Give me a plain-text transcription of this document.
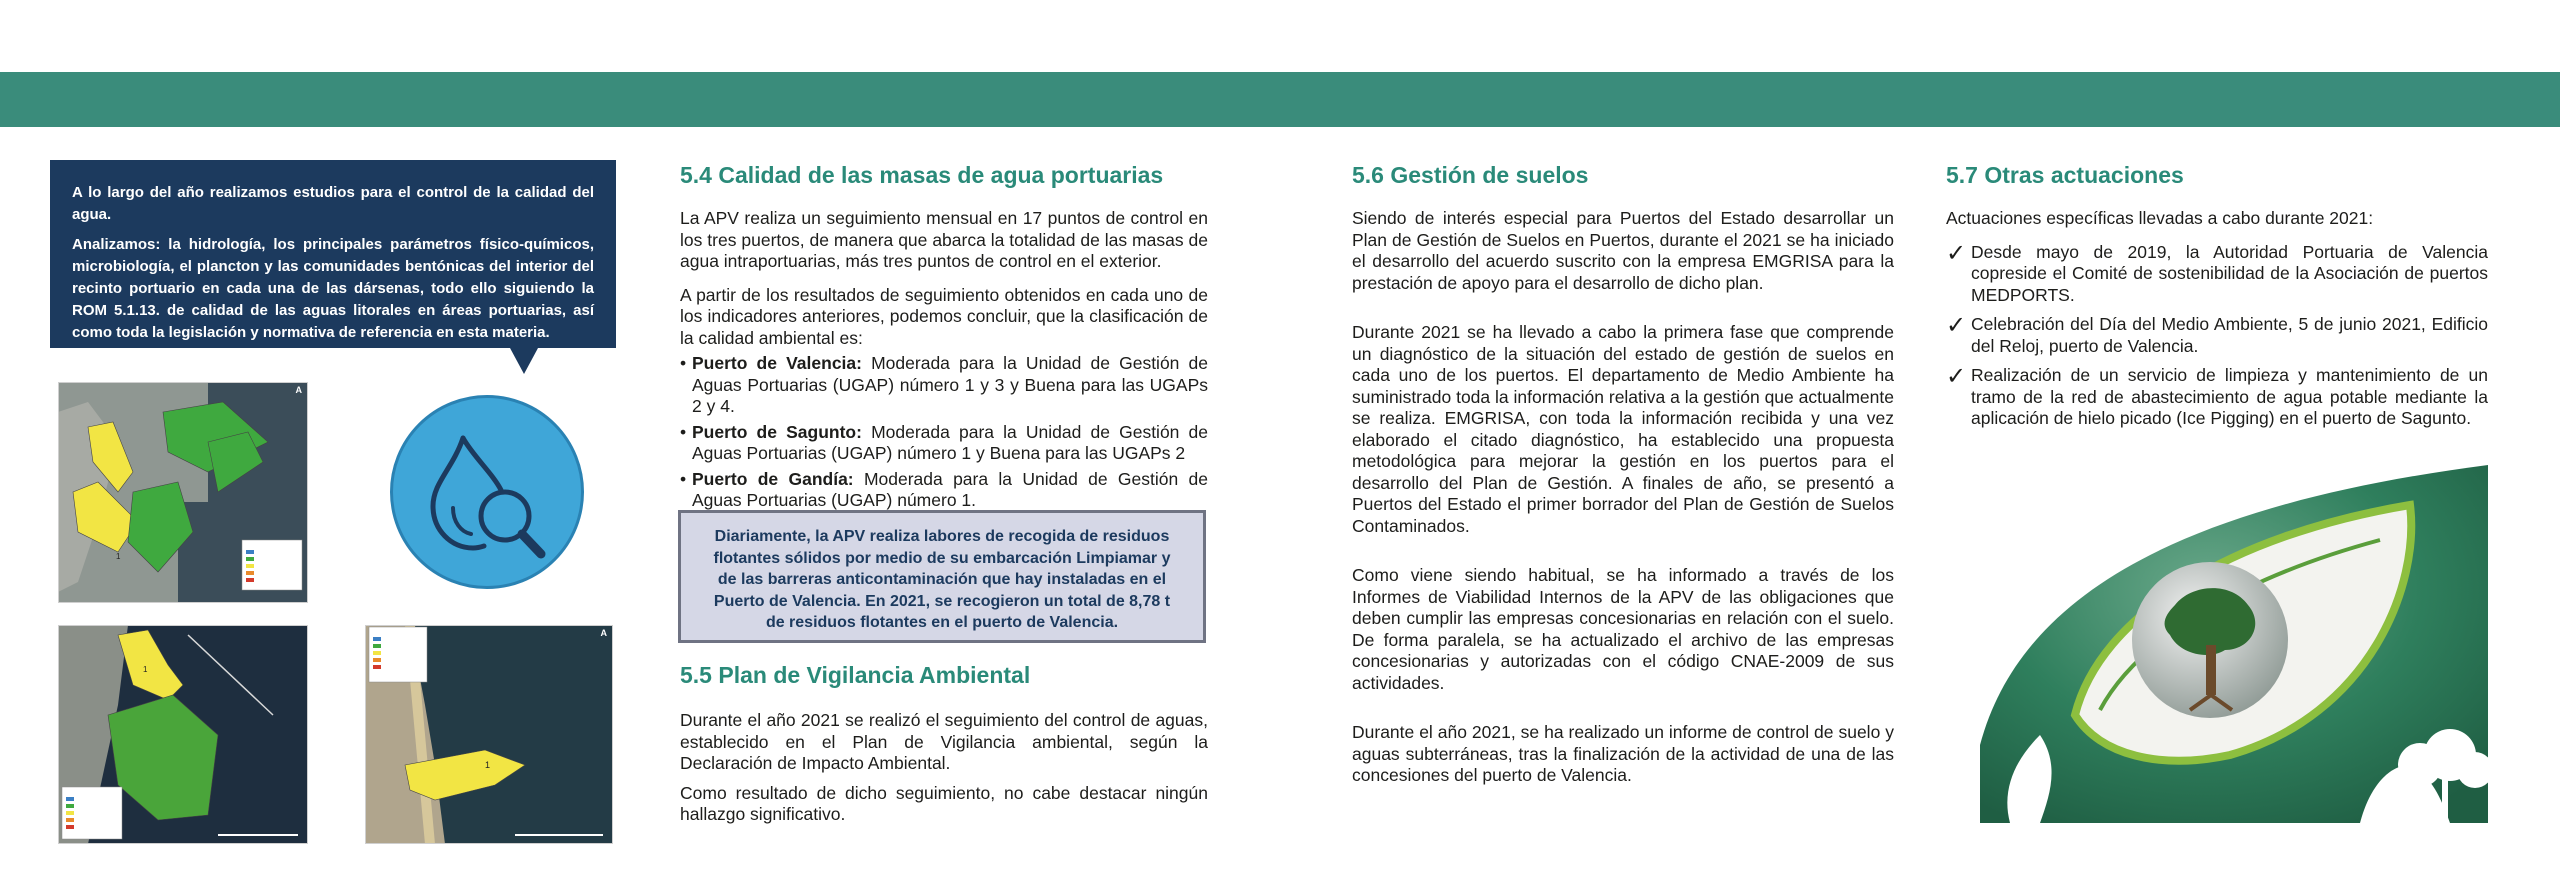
A lo largo del año realizamos estudios para el control de la calidad del agua.

Analizamos: la hidrología, los principales parámetros físico-químicos, microbiología, el plancton y las comunidades bentónicas del interior del recinto portuario en cada una de las dársenas, todo ello siguiendo la ROM 5.1.13. de calidad de las aguas litorales en áreas portuarias, así como toda la legislación y normativa de referencia en esta materia.

A
1
1
A
1
5.4 Calidad de las masas de agua portuarias

La APV realiza un seguimiento mensual en 17 puntos de control en los tres puertos, de manera que abarca la totalidad de las masas de agua intraportuarias, más tres puntos de control en el exterior.

A partir de los resultados de seguimiento obtenidos en cada uno de los indicadores anteriores, podemos concluir, que la clasificación de la calidad ambiental es:

• Puerto de Valencia: Moderada para la Unidad de Gestión de Aguas Portuarias (UGAP) número 1 y 3 y Buena para las UGAPs 2 y 4.
• Puerto de Sagunto: Moderada para la Unidad de Gestión de Aguas Portuarias (UGAP) número 1 y Buena para las UGAPs 2
• Puerto de Gandía: Moderada para la Unidad de Gestión de Aguas Portuarias (UGAP) número 1.

Diariamente, la APV realiza labores de recogida de residuos flotantes sólidos por medio de su embarcación Limpiamar y de las barreras anticontaminación que hay instaladas en el Puerto de Valencia. En 2021, se recogieron un total de 8,78 t de residuos flotantes en el puerto de Valencia.

5.5 Plan de Vigilancia Ambiental

Durante el año 2021 se realizó el seguimiento del control de aguas, establecido en el Plan de Vigilancia ambiental, según la Declaración de Impacto Ambiental.

Como resultado de dicho seguimiento, no cabe destacar ningún hallazgo significativo.

5.6 Gestión de suelos

Siendo de interés especial para Puertos del Estado desarrollar un Plan de Gestión de Suelos en Puertos, durante el 2021 se ha iniciado el desarrollo del acuerdo suscrito con la empresa EMGRISA para la prestación de apoyo para el desarrollo de dicho plan.

Durante 2021 se ha llevado a cabo la primera fase que comprende un diagnóstico de la situación del estado de gestión de suelos en cada uno de los puertos. El departamento de Medio Ambiente ha suministrado toda la información relativa a la gestión que actualmente se realiza. EMGRISA, con toda la información recibida y una vez elaborado el citado diagnóstico, ha establecido una propuesta metodológica para mejorar la gestión en los puertos para el desarrollo del Plan de Gestión. A finales de año, se presentó a Puertos del Estado el primer borrador del Plan de Gestión de Suelos Contaminados.

Como viene siendo habitual, se ha informado a través de los Informes de Viabilidad Internos de la APV de las obligaciones que deben cumplir las empresas concesionarias en relación con el suelo. De forma paralela, se ha actualizado el archivo de las empresas concesionarias y autorizadas con el código CNAE-2009 de sus actividades.

Durante el año 2021, se ha realizado un informe de control de suelo y aguas subterráneas, tras la finalización de la actividad de una de las concesiones del puerto de Valencia.

5.7 Otras actuaciones

Actuaciones específicas llevadas a cabo durante 2021:

✓ Desde mayo de 2019, la Autoridad Portuaria de Valencia copreside el Comité de sostenibilidad de la Asociación de puertos MEDPORTS.
✓ Celebración del Día del Medio Ambiente, 5 de junio 2021, Edificio del Reloj, puerto de Valencia.
✓ Realización de un servicio de limpieza y mantenimiento de un tramo de la red de abastecimiento de agua potable mediante la aplicación de hielo picado (Ice Pigging) en el puerto de Sagunto.
